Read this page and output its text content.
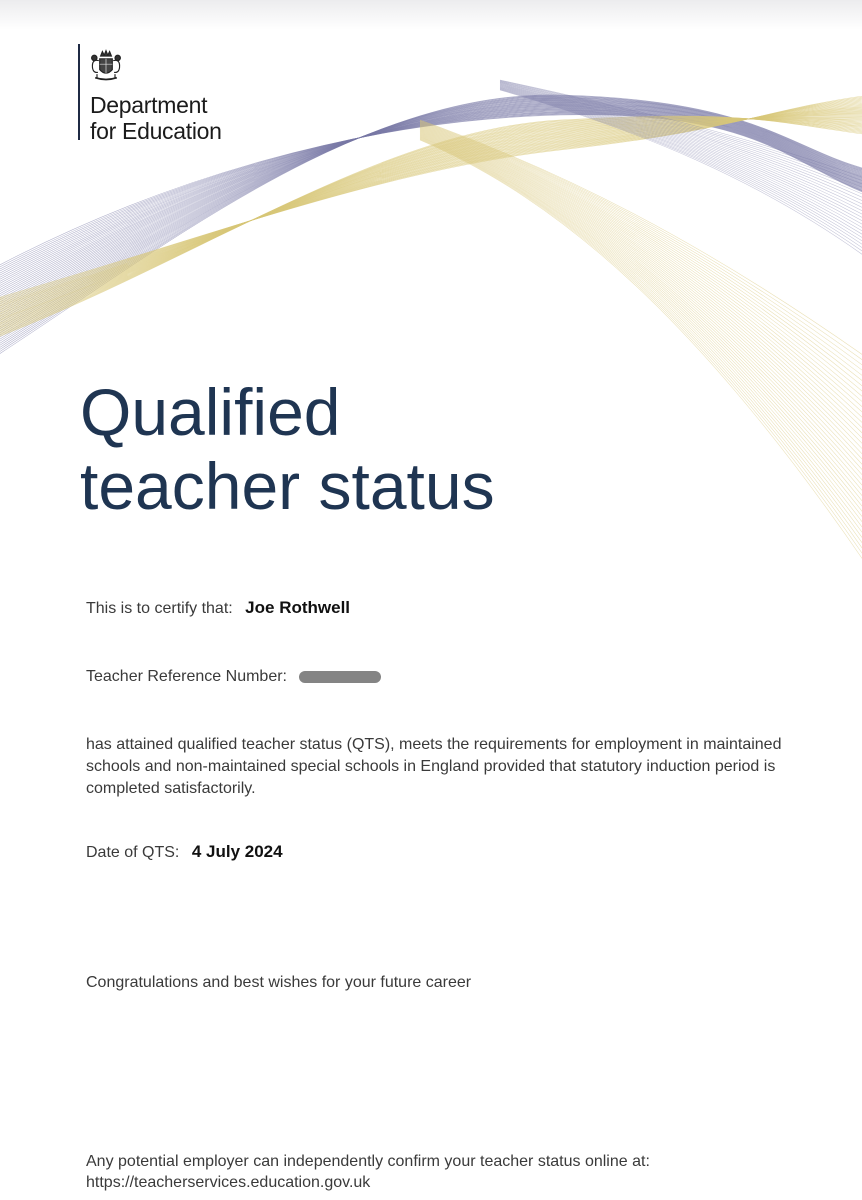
Department
for Education
Qualified
teacher status
This is to certify that: Joe Rothwell
Teacher Reference Number:

has attained qualified teacher status (QTS), meets the requirements for employment in maintained schools and non-maintained special schools in England provided that statutory induction period is completed satisfactorily.

Date of QTS: 4 July 2024
Congratulations and best wishes for your future career
Any potential employer can independently confirm your teacher status online at:
https://teacherservices.education.gov.uk
